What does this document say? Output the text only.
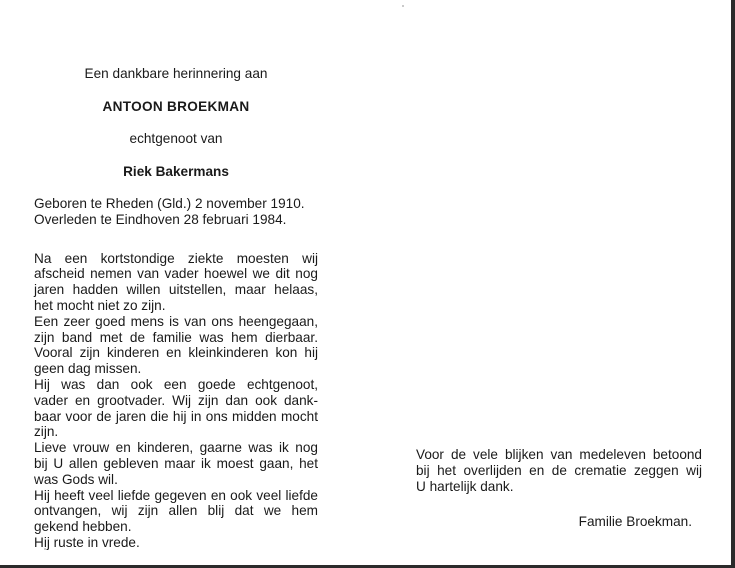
Een dankbare herinnering aan

ANTOON BROEKMAN

echtgenoot van

Riek Bakermans

Geboren te Rheden (Gld.) 2 november 1910.
Overleden te Eindhoven 28 februari 1984.
Na een kortstondige ziekte moesten wij
afscheid nemen van vader hoewel we dit nog
jaren hadden willen uitstellen, maar helaas,
het mocht niet zo zijn.
Een zeer goed mens is van ons heengegaan,
zijn band met de familie was hem dierbaar.
Vooral zijn kinderen en kleinkinderen kon hij
geen dag missen.
Hij was dan ook een goede echtgenoot,
vader en grootvader. Wij zijn dan ook dank-
baar voor de jaren die hij in ons midden mocht
zijn.
Lieve vrouw en kinderen, gaarne was ik nog
bij U allen gebleven maar ik moest gaan, het
was Gods wil.
Hij heeft veel liefde gegeven en ook veel liefde
ontvangen, wij zijn allen blij dat we hem
gekend hebben.
Hij ruste in vrede.
Voor de vele blijken van medeleven betoond
bij het overlijden en de crematie zeggen wij
U hartelijk dank.
Familie Broekman.
